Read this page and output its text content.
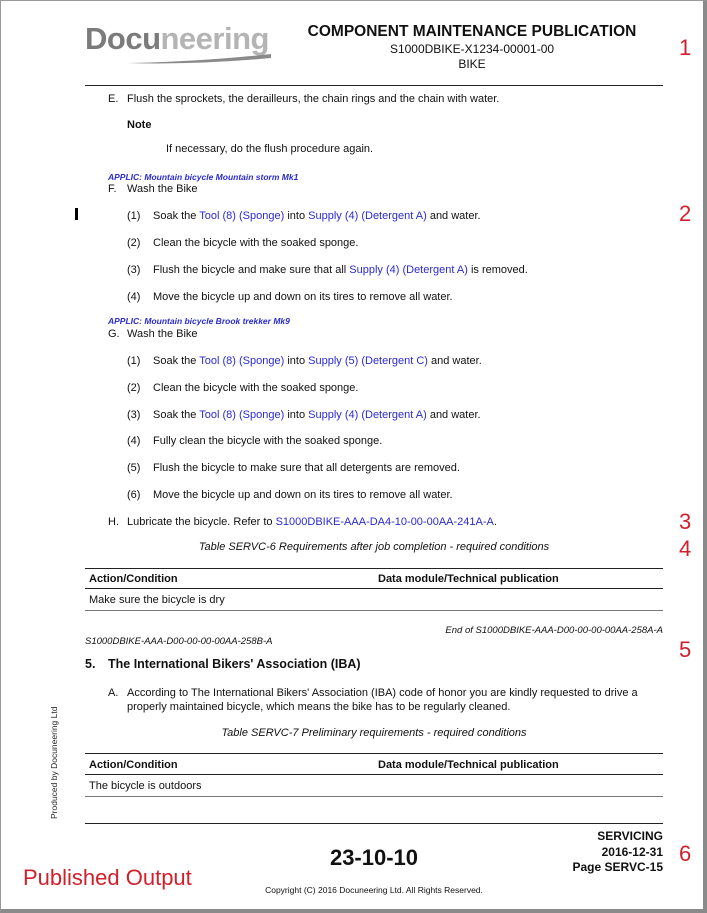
Docuneering	COMPONENT MAINTENANCE PUBLICATION
S1000DBIKE-X1234-00001-00
BIKE
1
2
3
4
5
6
E. Flush the sprockets, the derailleurs, the chain rings and the chain with water.
Note
If necessary, do the flush procedure again.
APPLIC: Mountain bicycle Mountain storm Mk1
F. Wash the Bike
(1) Soak the Tool (8) (Sponge) into Supply (4) (Detergent A) and water.
(2) Clean the bicycle with the soaked sponge.
(3) Flush the bicycle and make sure that all Supply (4) (Detergent A) is removed.
(4) Move the bicycle up and down on its tires to remove all water.
APPLIC: Mountain bicycle Brook trekker Mk9
G. Wash the Bike
(1) Soak the Tool (8) (Sponge) into Supply (5) (Detergent C) and water.
(2) Clean the bicycle with the soaked sponge.
(3) Soak the Tool (8) (Sponge) into Supply (4) (Detergent A) and water.
(4) Fully clean the bicycle with the soaked sponge.
(5) Flush the bicycle to make sure that all detergents are removed.
(6) Move the bicycle up and down on its tires to remove all water.
H. Lubricate the bicycle. Refer to S1000DBIKE-AAA-DA4-10-00-00AA-241A-A.
Table SERVC-6 Requirements after job completion - required conditions
Action/Condition	Data module/Technical publication
Make sure the bicycle is dry
End of S1000DBIKE-AAA-D00-00-00-00AA-258A-A
S1000DBIKE-AAA-D00-00-00-00AA-258B-A
5. The International Bikers' Association (IBA)
A. According to The International Bikers' Association (IBA) code of honor you are kindly requested to drive a
properly maintained bicycle, which means the bike has to be regularly cleaned.
Table SERVC-7 Preliminary requirements - required conditions
Action/Condition	Data module/Technical publication
The bicycle is outdoors
Produced by Docuneering Ltd
23-10-10
SERVICING
2016-12-31
Page SERVC-15
Copyright (C) 2016 Docuneering Ltd. All Rights Reserved.
Published Output
